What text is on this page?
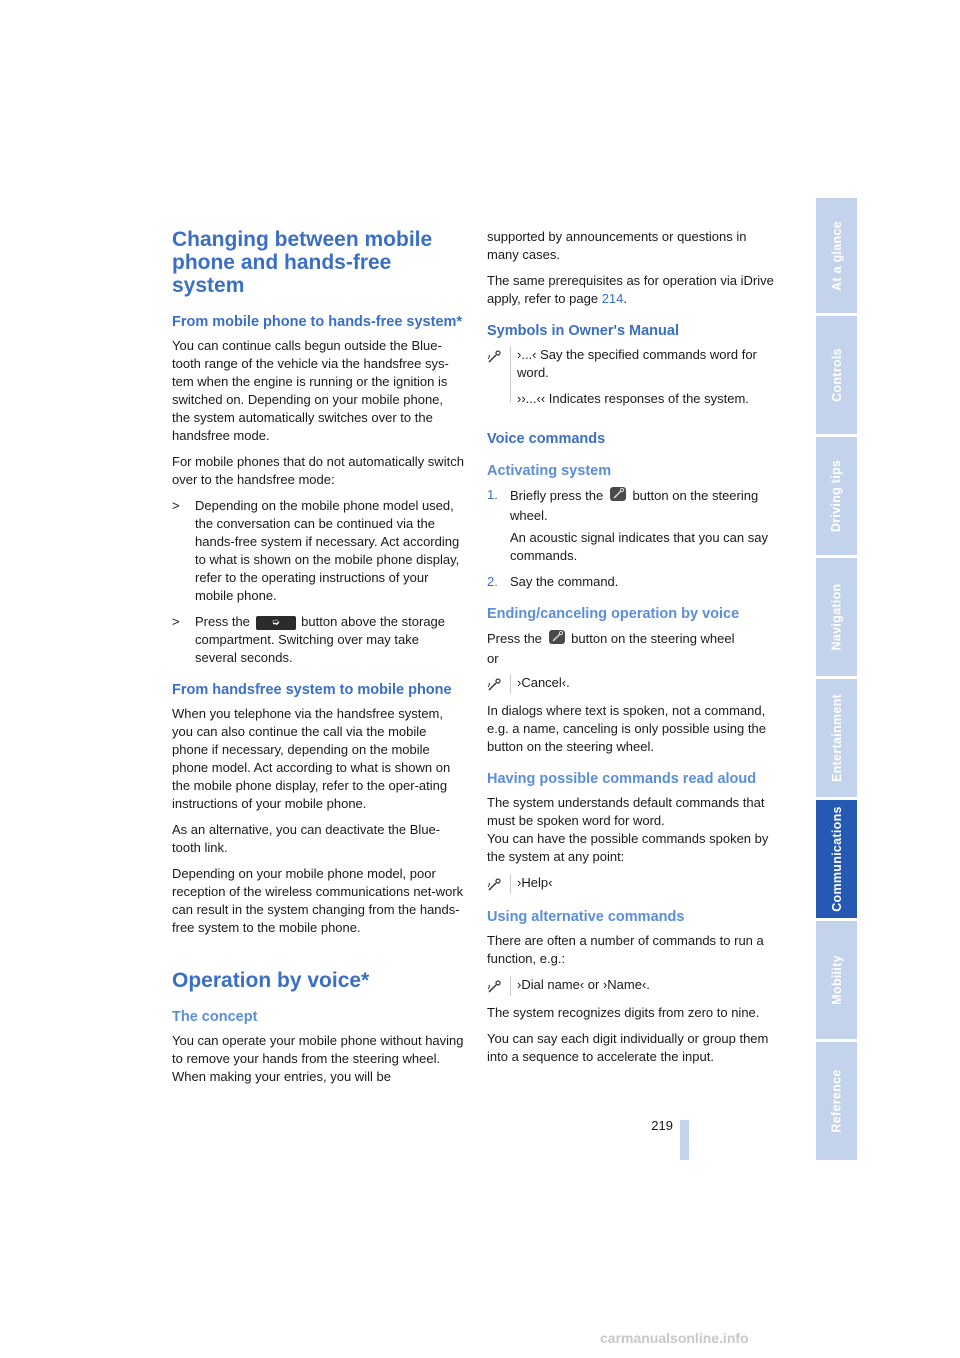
Changing between mobile phone and hands-free system
From mobile phone to hands-free system*

You can continue calls begun outside the Blue-tooth range of the vehicle via the handsfree sys-tem when the engine is running or the ignition is switched on. Depending on your mobile phone, the system automatically switches over to the handsfree mode.

For mobile phones that do not automatically switch over to the handsfree mode:

>	Depending on the mobile phone model used, the conversation can be continued via the hands-free system if necessary. Act according to what is shown on the mobile phone display, refer to the operating instructions of your mobile phone.
>	Press the ➭ button above the storage compartment. Switching over may take several seconds.
From handsfree system to mobile phone

When you telephone via the handsfree system, you can also continue the call via the mobile phone if necessary, depending on the mobile phone model. Act according to what is shown on the mobile phone display, refer to the oper-ating instructions of your mobile phone.

As an alternative, you can deactivate the Blue-tooth link.

Depending on your mobile phone model, poor reception of the wireless communications net-work can result in the system changing from the hands-free system to the mobile phone.

Operation by voice*
The concept

You can operate your mobile phone without having to remove your hands from the steering wheel. When making your entries, you will be

supported by announcements or questions in many cases.

The same prerequisites as for operation via iDrive apply, refer to page 214.

Symbols in Owner's Manual

›...‹ Say the specified commands word for word.

››...‹‹ Indicates responses of the system.

Voice commands
Activating system
1. Briefly press the button on the steering wheel.

An acoustic signal indicates that you can say commands.

2. Say the command.
Ending/canceling operation by voice

Press the button on the steering wheel
or

›Cancel‹.

In dialogs where text is spoken, not a command, e.g. a name, canceling is only possible using the button on the steering wheel.

Having possible commands read aloud

The system understands default commands that must be spoken word for word.

You can have the possible commands spoken by the system at any point:

›Help‹
Using alternative commands

There are often a number of commands to run a function, e.g.:

›Dial name‹ or ›Name‹.

The system recognizes digits from zero to nine.

You can say each digit individually or group them into a sequence to accelerate the input.

At a glance
Controls
Driving tips
Navigation
Entertainment
Communications
Mobility
Reference
219
carmanualsonline.info
